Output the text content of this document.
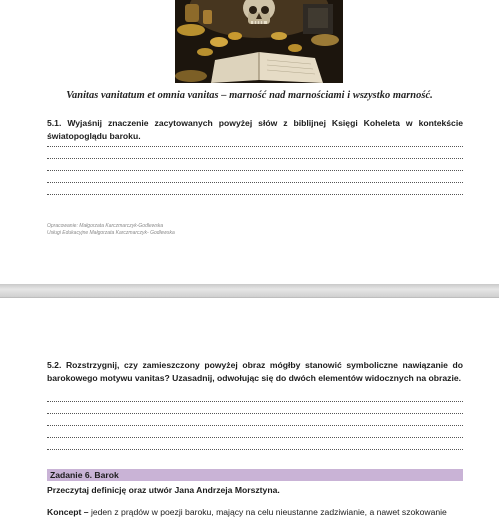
Vanitas vanitatum et omnia vanitas – marność nad marnościami i wszystko marność.
5.1. Wyjaśnij znaczenie zacytowanych powyżej słów z biblijnej Księgi Koheleta w kontekście światopoglądu baroku.
Opracowanie: Małgorzata Karczmarczyk-Godlewska
Usługi Edukacyjne Małgorzata Karczmarczyk- Godlewska
5.2. Rozstrzygnij, czy zamieszczony powyżej obraz mógłby stanowić symboliczne nawiązanie do barokowego motywu vanitas? Uzasadnij, odwołując się do dwóch elementów widocznych na obrazie.
Zadanie 6. Barok
Przeczytaj definicję oraz utwór Jana Andrzeja Morsztyna.
Koncept – jeden z prądów w poezji baroku, mający na celu nieustanne zadziwianie, a nawet szokowanie
